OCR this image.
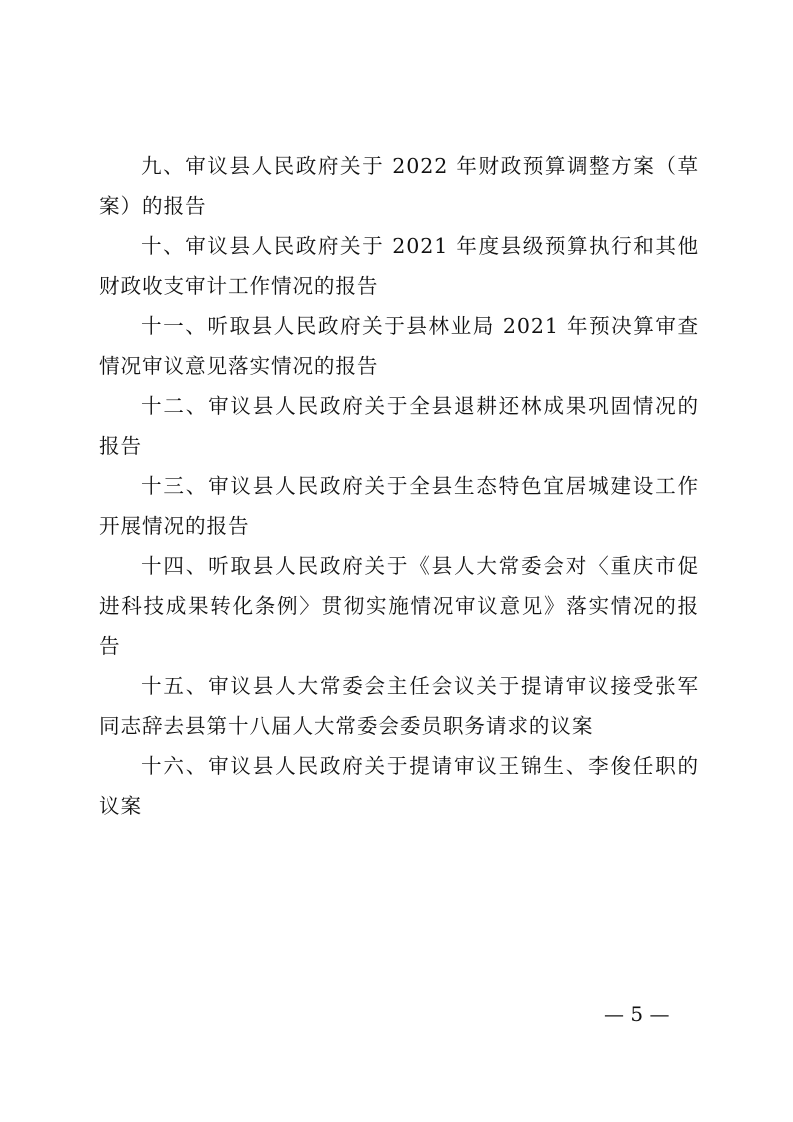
九、审议县人民政府关于 2022 年财政预算调整方案（草案）的报告

十、审议县人民政府关于 2021 年度县级预算执行和其他财政收支审计工作情况的报告

十一、听取县人民政府关于县林业局 2021 年预决算审查情况审议意见落实情况的报告

十二、审议县人民政府关于全县退耕还林成果巩固情况的报告

十三、审议县人民政府关于全县生态特色宜居城建设工作开展情况的报告

十四、听取县人民政府关于《县人大常委会对〈重庆市促进科技成果转化条例〉贯彻实施情况审议意见》落实情况的报告

十五、审议县人大常委会主任会议关于提请审议接受张军同志辞去县第十八届人大常委会委员职务请求的议案

十六、审议县人民政府关于提请审议王锦生、李俊任职的议案

— 5 —
